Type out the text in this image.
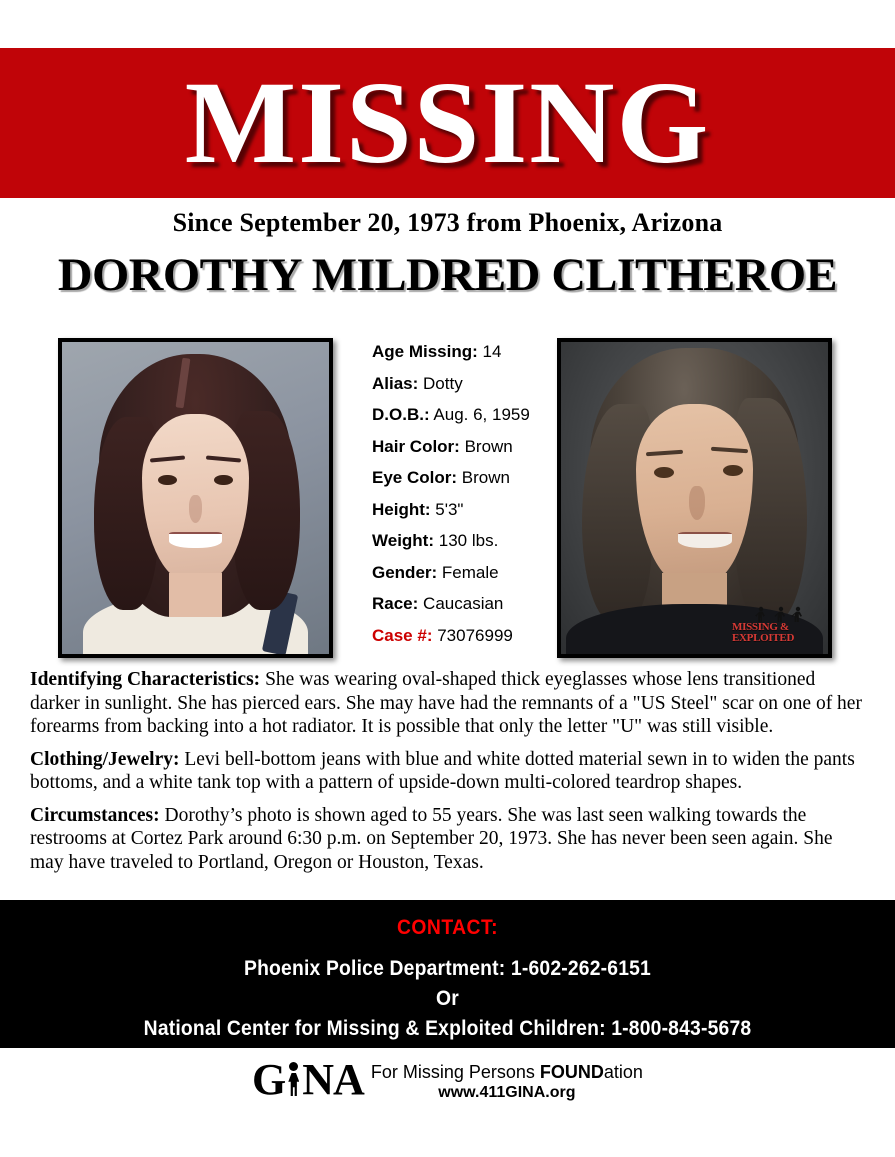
MISSING
Since September 20, 1973 from Phoenix, Arizona
DOROTHY MILDRED CLITHEROE
MISSING &
EXPLOITED
Age Missing: 14
Alias: Dotty
D.O.B.: Aug. 6, 1959
Hair Color: Brown
Eye Color: Brown
Height: 5'3"
Weight: 130 lbs.
Gender: Female
Race: Caucasian
Case #: 73076999

Identifying Characteristics: She was wearing oval-shaped thick eyeglasses whose lens transitioned darker in sunlight. She has pierced ears. She may have had the remnants of a "US Steel" scar on one of her forearms from backing into a hot radiator. It is possible that only the letter "U" was still visible.

Clothing/Jewelry: Levi bell-bottom jeans with blue and white dotted material sewn in to widen the pants bottoms, and a white tank top with a pattern of upside-down multi-colored teardrop shapes.

Circumstances: Dorothy’s photo is shown aged to 55 years. She was last seen walking towards the restrooms at Cortez Park around 6:30 p.m. on September 20, 1973. She has never been seen again. She may have traveled to Portland, Oregon or Houston, Texas.

CONTACT:
Phoenix Police Department: 1-602-262-6151
Or
National Center for Missing & Exploited Children: 1-800-843-5678
G NA For Missing Persons FOUNDation
www.411GINA.org
